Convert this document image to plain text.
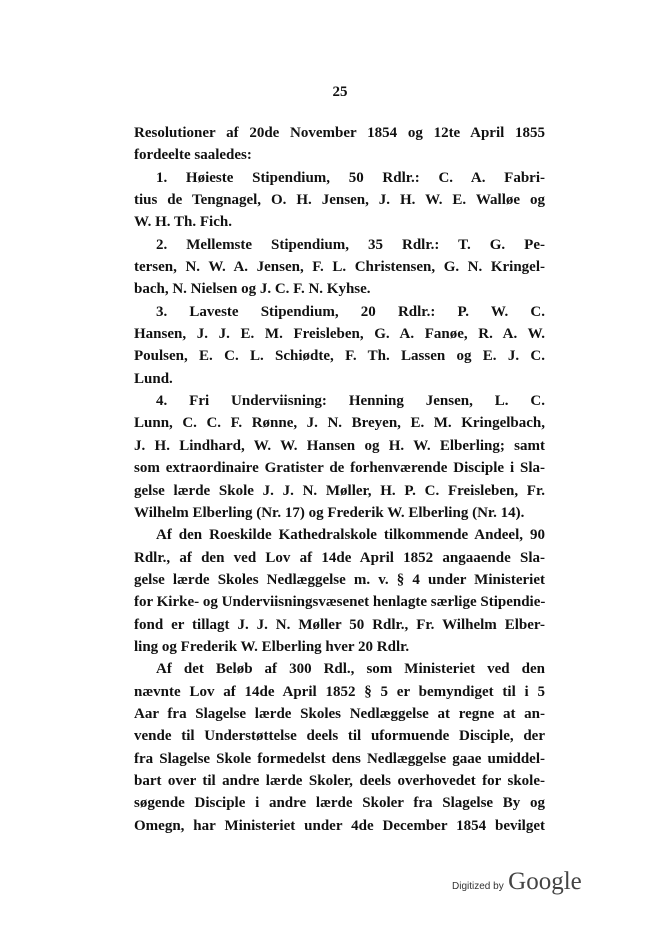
25
Resolutioner af 20de November 1854 og 12te April 1855
fordeelte saaledes:
1. Høieste Stipendium, 50 Rdlr.: C. A. Fabri-
tius de Tengnagel, O. H. Jensen, J. H. W. E. Walløe og
W. H. Th. Fich.
2. Mellemste Stipendium, 35 Rdlr.: T. G. Pe-
tersen, N. W. A. Jensen, F. L. Christensen, G. N. Kringel-
bach, N. Nielsen og J. C. F. N. Kyhse.
3. Laveste Stipendium, 20 Rdlr.: P. W. C.
Hansen, J. J. E. M. Freisleben, G. A. Fanøe, R. A. W.
Poulsen, E. C. L. Schiødte, F. Th. Lassen og E. J. C.
Lund.
4. Fri Underviisning: Henning Jensen, L. C.
Lunn, C. C. F. Rønne, J. N. Breyen, E. M. Kringelbach,
J. H. Lindhard, W. W. Hansen og H. W. Elberling; samt
som extraordinaire Gratister de forhenværende Disciple i Sla-
gelse lærde Skole J. J. N. Møller, H. P. C. Freisleben, Fr.
Wilhelm Elberling (Nr. 17) og Frederik W. Elberling (Nr. 14).
Af den Roeskilde Kathedralskole tilkommende Andeel, 90
Rdlr., af den ved Lov af 14de April 1852 angaaende Sla-
gelse lærde Skoles Nedlæggelse m. v. § 4 under Ministeriet
for Kirke- og Underviisningsvæsenet henlagte særlige Stipendie-
fond er tillagt J. J. N. Møller 50 Rdlr., Fr. Wilhelm Elber-
ling og Frederik W. Elberling hver 20 Rdlr.
Af det Beløb af 300 Rdl., som Ministeriet ved den
nævnte Lov af 14de April 1852 § 5 er bemyndiget til i 5
Aar fra Slagelse lærde Skoles Nedlæggelse at regne at an-
vende til Understøttelse deels til uformuende Disciple, der
fra Slagelse Skole formedelst dens Nedlæggelse gaae umiddel-
bart over til andre lærde Skoler, deels overhovedet for skole-
søgende Disciple i andre lærde Skoler fra Slagelse By og
Omegn, har Ministeriet under 4de December 1854 bevilget
Digitized by Google
